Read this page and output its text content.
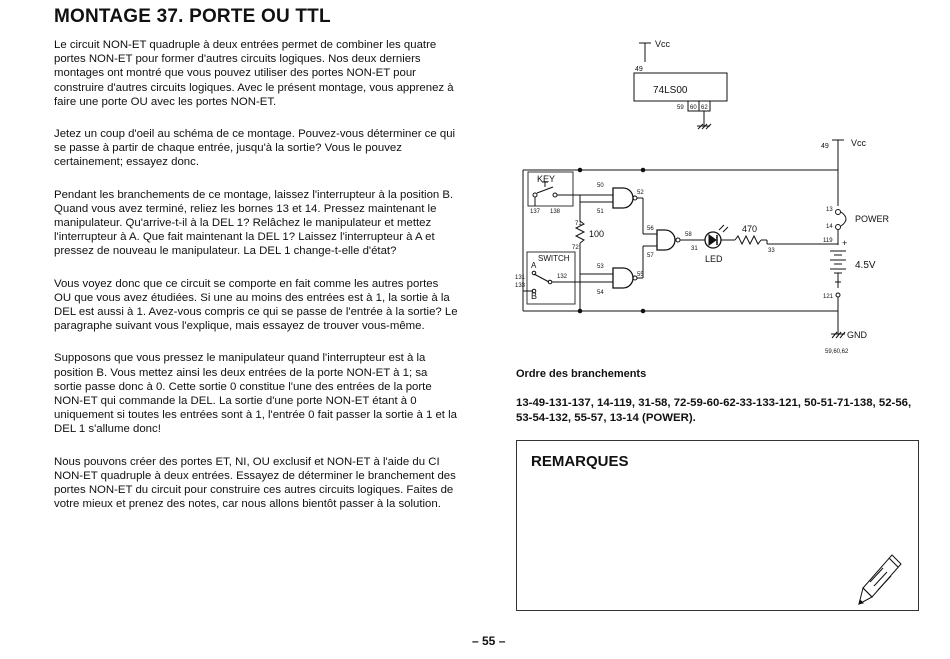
MONTAGE 37. PORTE OU TTL

Le circuit NON-ET quadruple à deux entrées permet de combiner les quatre portes NON-ET pour former d'autres circuits logiques. Nos deux derniers montages ont montré que vous pouvez utiliser des portes NON-ET pour construire d'autres circuits logiques. Avec le présent montage, vous apprenez à faire une porte OU avec les portes NON-ET.

Jetez un coup d'oeil au schéma de ce montage. Pouvez-vous déterminer ce qui se passe à partir de chaque entrée, jusqu'à la sortie? Vous le pouvez certainement; essayez donc.

Pendant les branchements de ce montage, laissez l'interrupteur à la position B. Quand vous avez terminé, reliez les bornes 13 et 14. Pressez maintenant le manipulateur. Qu'arrive-t-il à la DEL 1? Relâchez le manipulateur et mettez l'interrupteur à A. Que fait maintenant la DEL 1? Laissez l'interrupteur à A et pressez de nouveau le manipulateur. La DEL 1 change-t-elle d'état?

Vous voyez donc que ce circuit se comporte en fait comme les autres portes OU que vous avez étudiées. Si une au moins des entrées est à 1, la sortie à la DEL est aussi à 1. Avez-vous compris ce qui se passe de l'entrée à la sortie? Le paragraphe suivant vous l'explique, mais essayez de trouver vous-même.

Supposons que vous pressez le manipulateur quand l'interrupteur est à la position B. Vous mettez ainsi les deux entrées de la porte NON-ET à 1; sa sortie passe donc à 0. Cette sortie 0 constitue l'une des entrées de la porte NON-ET qui commande la DEL. La sortie d'une porte NON-ET étant à 0 uniquement si toutes les entrées sont à 1, l'entrée 0 fait passer la sortie à 1 et la DEL 1 s'allume donc!

Nous pouvons créer des portes ET, NI, OU exclusif et NON-ET à l'aide du CI NON-ET quadruple à deux entrées. Essayez de déterminer le branchement des portes NON-ET du circuit pour construire ces autres circuits logiques. Faites de votre mieux et prenez des notes, car nous allons bientôt passer à la solution.

Vcc
49
74LS00
59 60 62
49 Vcc
13
POWER
14
119 +
4.5V
121
GND
59,60,62
KEY
137 138
50
51
52
71
100
72
SWITCH
A
B
131
133
132
53
54
55
56
57
58
31
LED
470
33
Ordre des branchements
13-49-131-137, 14-119, 31-58, 72-59-60-62-33-133-121, 50-51-71-138, 52-56, 53-54-132, 55-57, 13-14 (POWER).
REMARQUES
– 55 –
